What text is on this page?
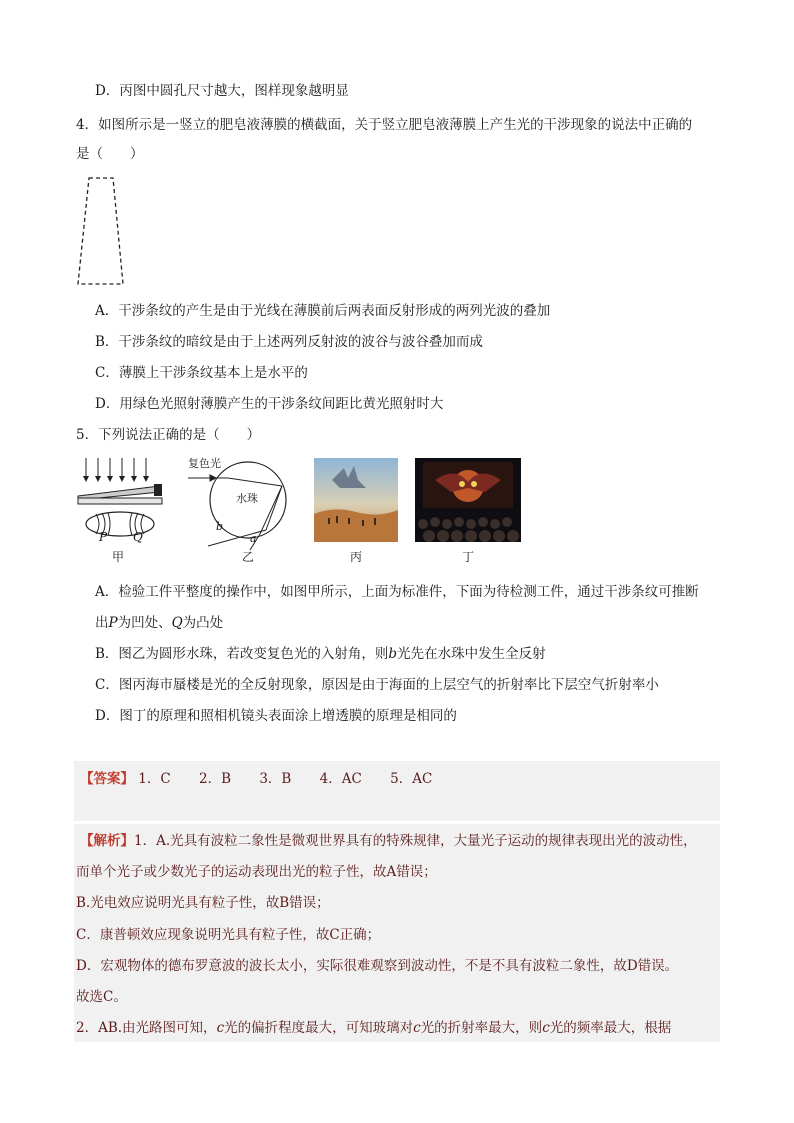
D．丙图中圆孔尺寸越大，图样现象越明显
4．如图所示是一竖立的肥皂液薄膜的横截面，关于竖立肥皂液薄膜上产生光的干涉现象的说法中正确的
是（　　）
A．干涉条纹的产生是由于光线在薄膜前后两表面反射形成的两列光波的叠加
B．干涉条纹的暗纹是由于上述两列反射波的波谷与波谷叠加而成
C．薄膜上干涉条纹基本上是水平的
D．用绿色光照射薄膜产生的干涉条纹间距比黄光照射时大
5．下列说法正确的是（　　）
P Q
甲
复色光
水珠
b
a
乙	丙	丁
A．检验工件平整度的操作中，如图甲所示，上面为标准件，下面为待检测工件，通过干涉条纹可推断
出P为凹处、Q为凸处
B．图乙为圆形水珠，若改变复色光的入射角，则b光先在水珠中发生全反射
C．图丙海市蜃楼是光的全反射现象，原因是由于海面的上层空气的折射率比下层空气折射率小
D．图丁的原理和照相机镜头表面涂上增透膜的原理是相同的
【答案】 1．C 2．B 3．B 4．AC 5．AC
【解析】1．A.光具有波粒二象性是微观世界具有的特殊规律，大量光子运动的规律表现出光的波动性，
而单个光子或少数光子的运动表现出光的粒子性，故A错误；
B.光电效应说明光具有粒子性，故B错误；
C．康普顿效应现象说明光具有粒子性，故C正确；
D．宏观物体的德布罗意波的波长太小，实际很难观察到波动性，不是不具有波粒二象性，故D错误。
故选C。
2．AB.由光路图可知，c光的偏折程度最大，可知玻璃对c光的折射率最大，则c光的频率最大，根据
